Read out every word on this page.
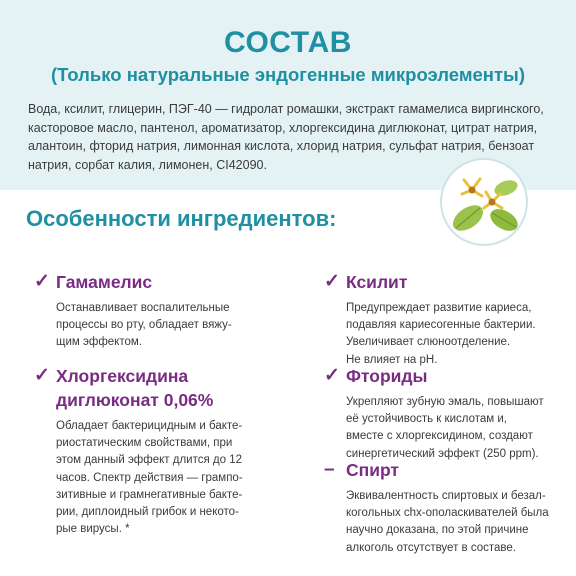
СОСТАВ
(Только натуральные эндогенные микроэлементы)
Вода, ксилит, глицерин, ПЭГ-40 — гидролат ромашки, экстракт гамамелиса виргинского,
касторовое масло, пантенол, ароматизатор, хлоргексидина диглюконат, цитрат натрия,
алантоин, фторид натрия, лимонная кислота, хлорид натрия, сульфат натрия, бензоат
натрия, сорбат калия, лимонен, CI42090.
Особенности ингредиентов:
✓ Гамамелис
Останавливает воспалительные
процессы во рту, обладает вяжу-
щим эффектом.
✓ Хлоргексидина
диглюконат 0,06%
Обладает бактерицидным и бакте-
риостатическим свойствами, при
этом данный эффект длится до 12
часов. Спектр действия — грампо-
зитивные и грамнегативные бакте-
рии, диплоидный грибок и некото-
рые вирусы. *
✓ Ксилит
Предупреждает развитие кариеса,
подавляя кариесогенные бактерии.
Увеличивает слюноотделение.
Не влияет на pH.
✓ Фториды
Укрепляют зубную эмаль, повышают
её устойчивость к кислотам и,
вместе с хлоргексидином, создают
синергетический эффект (250 ppm).
– Спирт
Эквивалентность спиртовых и безал-
когольных chx-ополаскивателей была
научно доказана, по этой причине
алкоголь отсутствует в составе.
